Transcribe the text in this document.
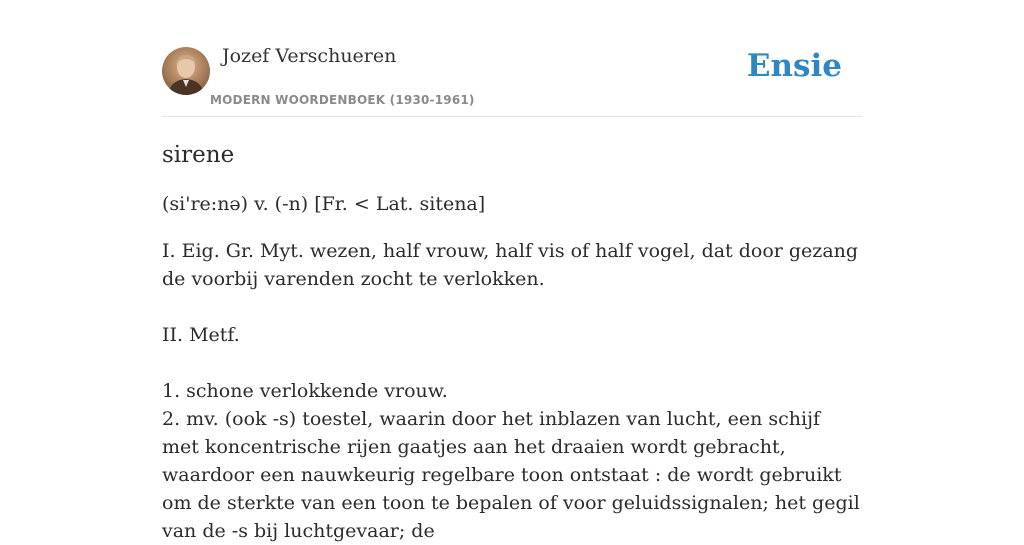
Jozef Verschueren
MODERN WOORDENBOEK (1930-1961)
Ensie
sirene
(si're:nə) v. (-n) [Fr. < Lat. sitena]

I. Eig. Gr. Myt. wezen, half vrouw, half vis of half vogel, dat door gezang de voorbij varenden zocht te verlokken.

II. Metf.

1. schone verlokkende vrouw.

2. mv. (ook -s) toestel, waarin door het inblazen van lucht, een schijf met koncentrische rijen gaatjes aan het draaien wordt gebracht, waardoor een nauwkeurig regelbare toon ontstaat : de wordt gebruikt om de sterkte van een toon te bepalen of voor geluidssignalen; het gegil van de -s bij luchtgevaar; de
